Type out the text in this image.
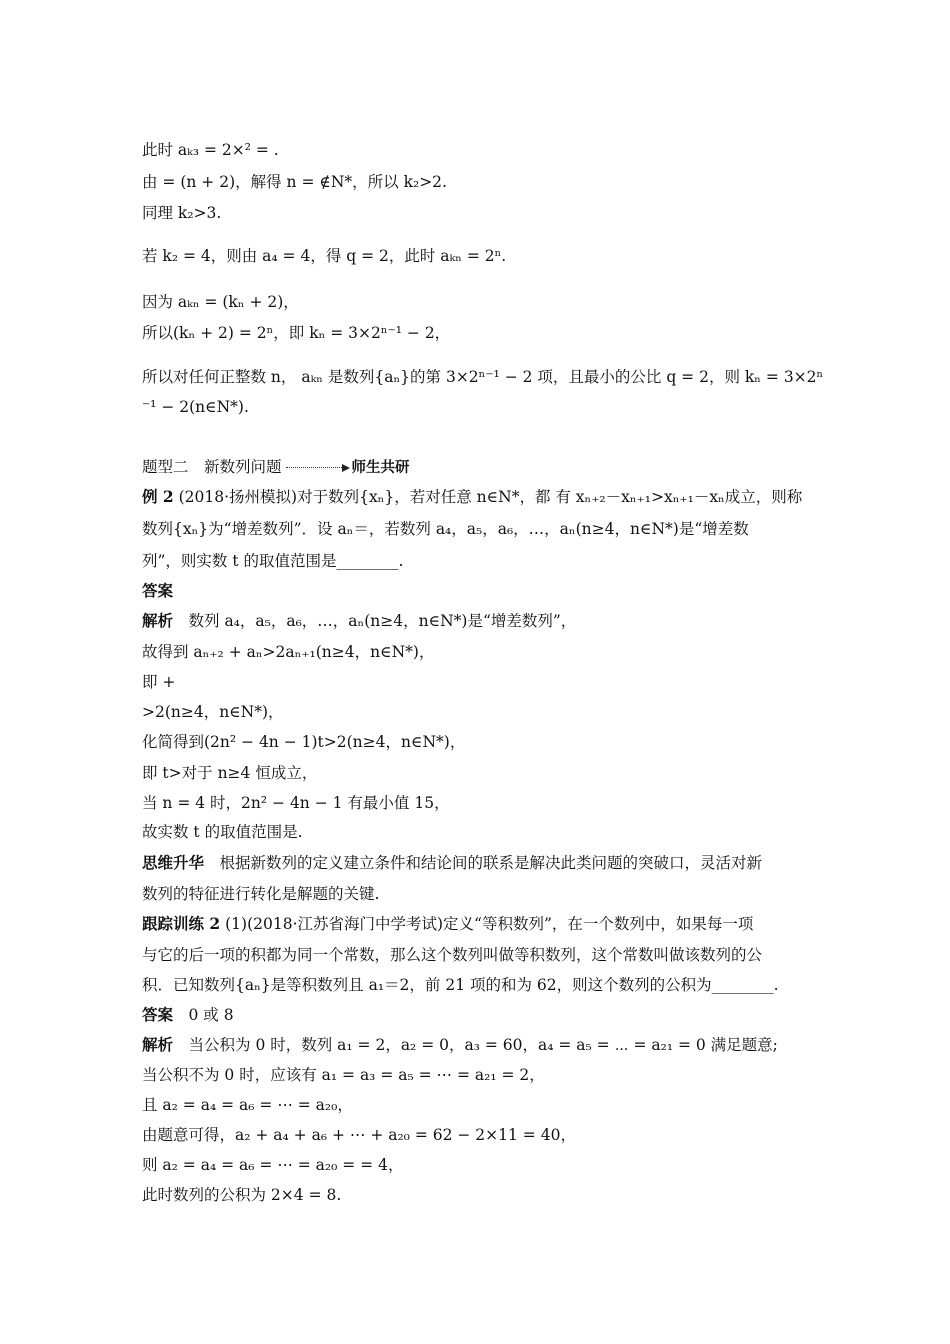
此时 aₖ₃ = 2×² = .
由 = (n + 2)，解得 n = ∉N*，所以 k₂>2.
同理 k₂>3.
若 k₂ = 4，则由 a₄ = 4，得 q = 2，此时 aₖₙ = 2ⁿ.
因为 aₖₙ = (kₙ + 2)，
所以(kₙ + 2) = 2ⁿ，即 kₙ = 3×2ⁿ⁻¹ − 2，
所以对任何正整数 n， aₖₙ 是数列{aₙ}的第 3×2ⁿ⁻¹ − 2 项，且最小的公比 q = 2，则 kₙ = 3×2ⁿ
⁻¹ − 2(n∈N*).
题型二　新数列问题	师生共研
例 2 (2018·扬州模拟)对于数列{xₙ}，若对任意 n∈N*，都 有 xₙ₊₂－xₙ₊₁>xₙ₊₁－xₙ成立，则称
数列{xₙ}为“增差数列”．设 aₙ＝，若数列 a₄，a₅，a₆，…，aₙ(n≥4，n∈N*)是“增差数
列”，则实数 t 的取值范围是________.
答案
解析　数列 a₄，a₅，a₆，…，aₙ(n≥4，n∈N*)是“增差数列”，
故得到 aₙ₊₂ + aₙ>2aₙ₊₁(n≥4，n∈N*)，
即 +
>2(n≥4，n∈N*)，
化简得到(2n² − 4n − 1)t>2(n≥4，n∈N*)，
即 t>对于 n≥4 恒成立，
当 n = 4 时，2n² − 4n − 1 有最小值 15，
故实数 t 的取值范围是.
思维升华　根据新数列的定义建立条件和结论间的联系是解决此类问题的突破口，灵活对新
数列的特征进行转化是解题的关键.
跟踪训练 2 (1)(2018·江苏省海门中学考试)定义“等积数列”，在一个数列中，如果每一项
与它的后一项的积都为同一个常数，那么这个数列叫做等积数列，这个常数叫做该数列的公
积．已知数列{aₙ}是等积数列且 a₁＝2，前 21 项的和为 62，则这个数列的公积为________.
答案　0 或 8
解析　当公积为 0 时，数列 a₁ = 2，a₂ = 0，a₃ = 60，a₄ = a₅ = ⋯ = a₂₁ = 0 满足题意;
当公积不为 0 时，应该有 a₁ = a₃ = a₅ = ⋯ = a₂₁ = 2，
且 a₂ = a₄ = a₆ = ⋯ = a₂₀，
由题意可得，a₂ + a₄ + a₆ + ⋯ + a₂₀ = 62 − 2×11 = 40，
则 a₂ = a₄ = a₆ = ⋯ = a₂₀ = = 4，
此时数列的公积为 2×4 = 8.
